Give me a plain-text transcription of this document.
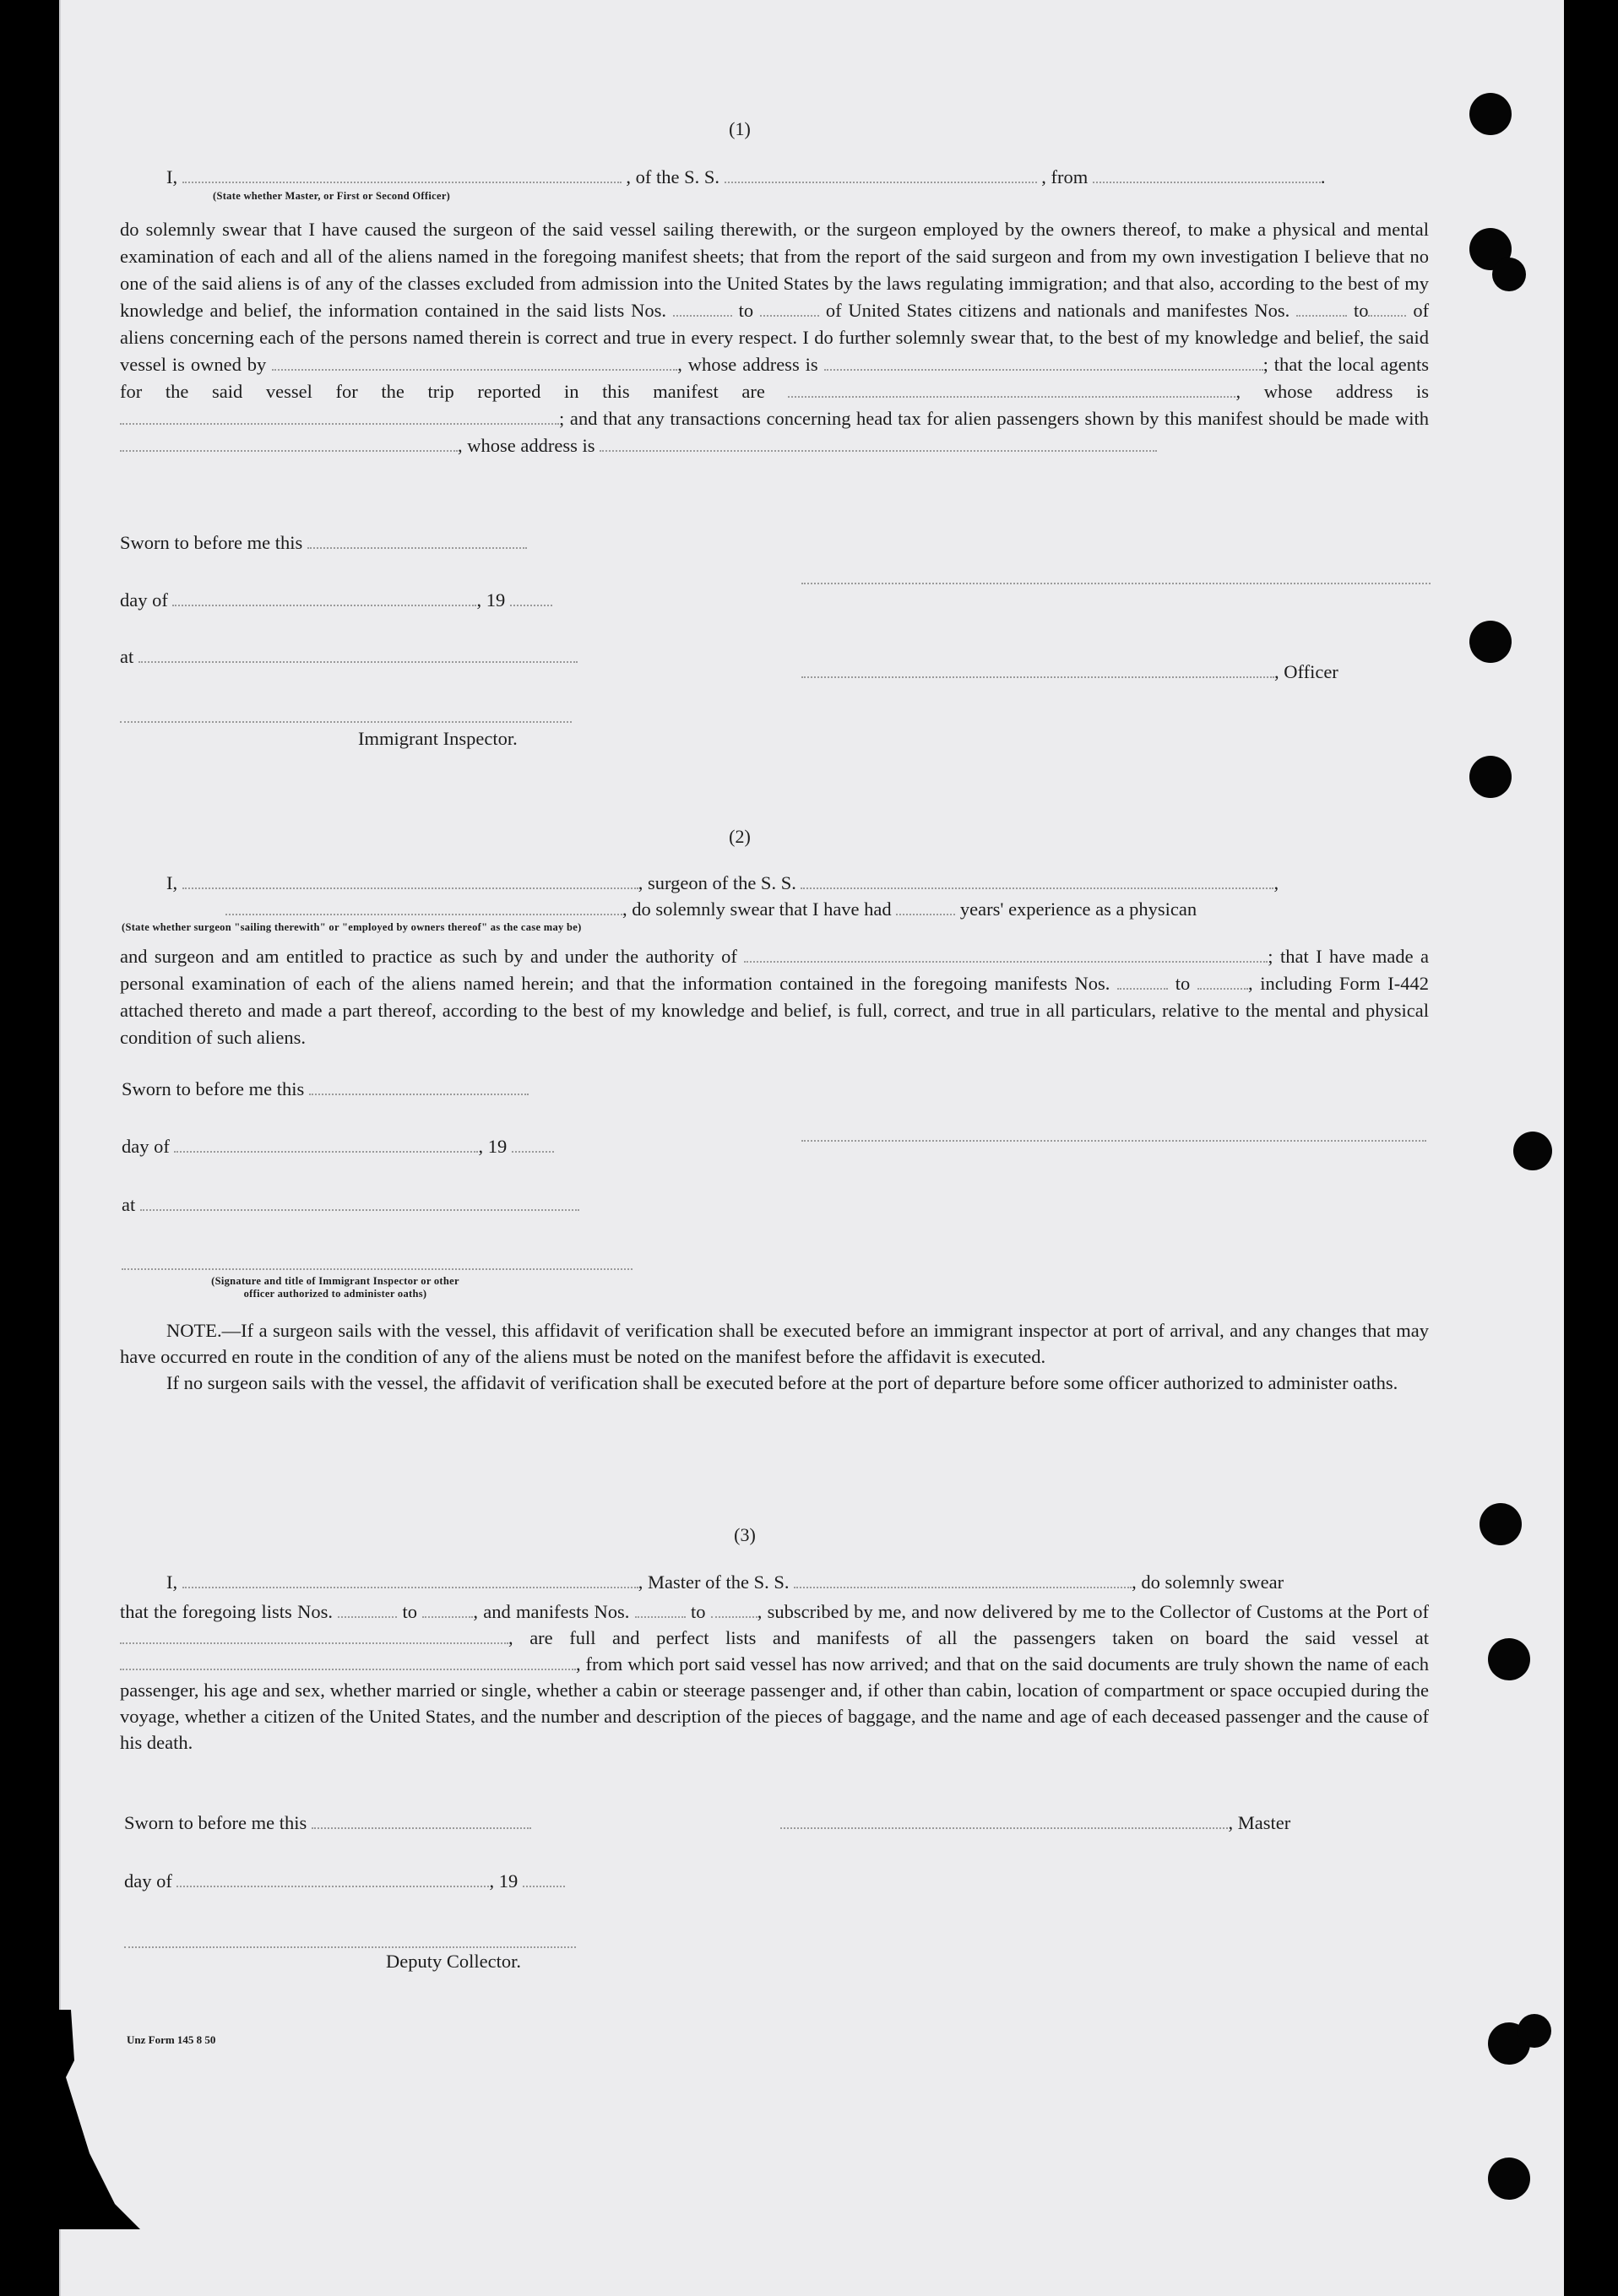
(1)
I,	, of the S. S.	, from	.
(State whether Master, or First or Second Officer)

do solemnly swear that I have caused the surgeon of the said vessel sailing therewith, or the surgeon employed by the owners thereof, to make a physical and mental examination of each and all of the aliens named in the foregoing manifest sheets; that from the report of the said surgeon and from my own investigation I believe that no one of the said aliens is of any of the classes excluded from admission into the United States by the laws regulating immigration; and that also, according to the best of my knowledge and belief, the information contained in the said lists Nos.	to	of United States citizens and nationals and manifestes Nos.	to of aliens concerning each of the persons named therein is correct and true in every respect. I do further solemnly swear that, to the best of my knowledge and belief, the said vessel is owned by	, whose address is	; that the local agents for the said vessel for the trip reported in this manifest are	, whose address is ; and that any transactions concerning head tax for alien passengers shown by this manifest should be made with , whose address is

Sworn to before me this
day of	, 19
at
, Officer
Immigrant Inspector.
(2)
I,	, surgeon of the S. S.	,
, do solemnly swear that I have had	years' experience as a physican
(State whether surgeon "sailing therewith" or "employed by owners thereof" as the case may be)

and surgeon and am entitled to practice as such by and under the authority of	; that I have made a personal examination of each of the aliens named herein; and that the information contained in the foregoing manifests Nos.	to	, including Form I-442 attached thereto and made a part thereof, according to the best of my knowledge and belief, is full, correct, and true in all particulars, relative to the mental and physical condition of such aliens.

Sworn to before me this
day of	, 19
at
(Signature and title of Immigrant Inspector or other
officer authorized to administer oaths)

NOTE.—If a surgeon sails with the vessel, this affidavit of verification shall be executed before an immigrant inspector at port of arrival, and any changes that may have occurred en route in the condition of any of the aliens must be noted on the manifest before the affidavit is executed.

If no surgeon sails with the vessel, the affidavit of verification shall be executed before at the port of departure before some officer authorized to administer oaths.

(3)
I,	, Master of the S. S.	, do solemnly swear

that the foregoing lists Nos.	to	, and manifests Nos.	to	, subscribed by me, and now delivered by me to the Collector of Customs at the Port of , are full and perfect lists and manifests of all the passengers taken on board the said vessel at , from which port said vessel has now arrived; and that on the said documents are truly shown the name of each passenger, his age and sex, whether married or single, whether a cabin or steerage passenger and, if other than cabin, location of compartment or space occupied during the voyage, whether a citizen of the United States, and the number and description of the pieces of baggage, and the name and age of each deceased passenger and the cause of his death.

Sworn to before me this	, Master
day of	, 19
Deputy Collector.
Unz Form 145 8 50
